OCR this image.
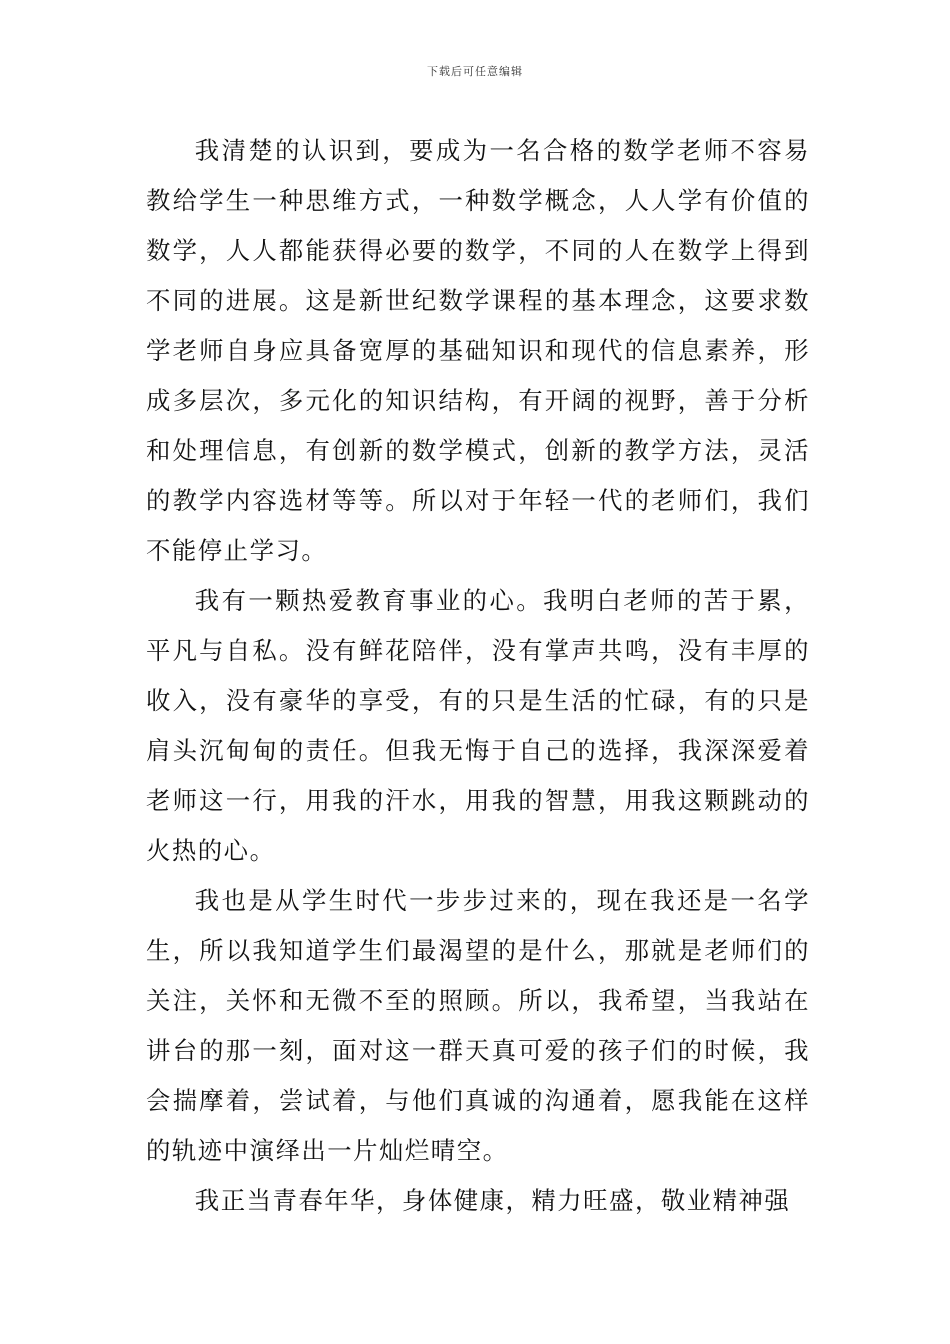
下载后可任意编辑

我清楚的认识到，要成为一名合格的数学老师不容易教给学生一种思维方式，一种数学概念，人人学有价值的数学，人人都能获得必要的数学，不同的人在数学上得到不同的进展。这是新世纪数学课程的基本理念，这要求数学老师自身应具备宽厚的基础知识和现代的信息素养，形成多层次，多元化的知识结构，有开阔的视野，善于分析和处理信息，有创新的数学模式，创新的教学方法，灵活的教学内容选材等等。所以对于年轻一代的老师们，我们不能停止学习。

我有一颗热爱教育事业的心。我明白老师的苦于累，平凡与自私。没有鲜花陪伴，没有掌声共鸣，没有丰厚的收入，没有豪华的享受，有的只是生活的忙碌，有的只是肩头沉甸甸的责任。但我无悔于自己的选择，我深深爱着老师这一行，用我的汗水，用我的智慧，用我这颗跳动的火热的心。

我也是从学生时代一步步过来的，现在我还是一名学生，所以我知道学生们最渴望的是什么，那就是老师们的关注，关怀和无微不至的照顾。所以，我希望，当我站在讲台的那一刻，面对这一群天真可爱的孩子们的时候，我会揣摩着，尝试着，与他们真诚的沟通着，愿我能在这样的轨迹中演绎出一片灿烂晴空。

我正当青春年华，身体健康，精力旺盛，敬业精神强
